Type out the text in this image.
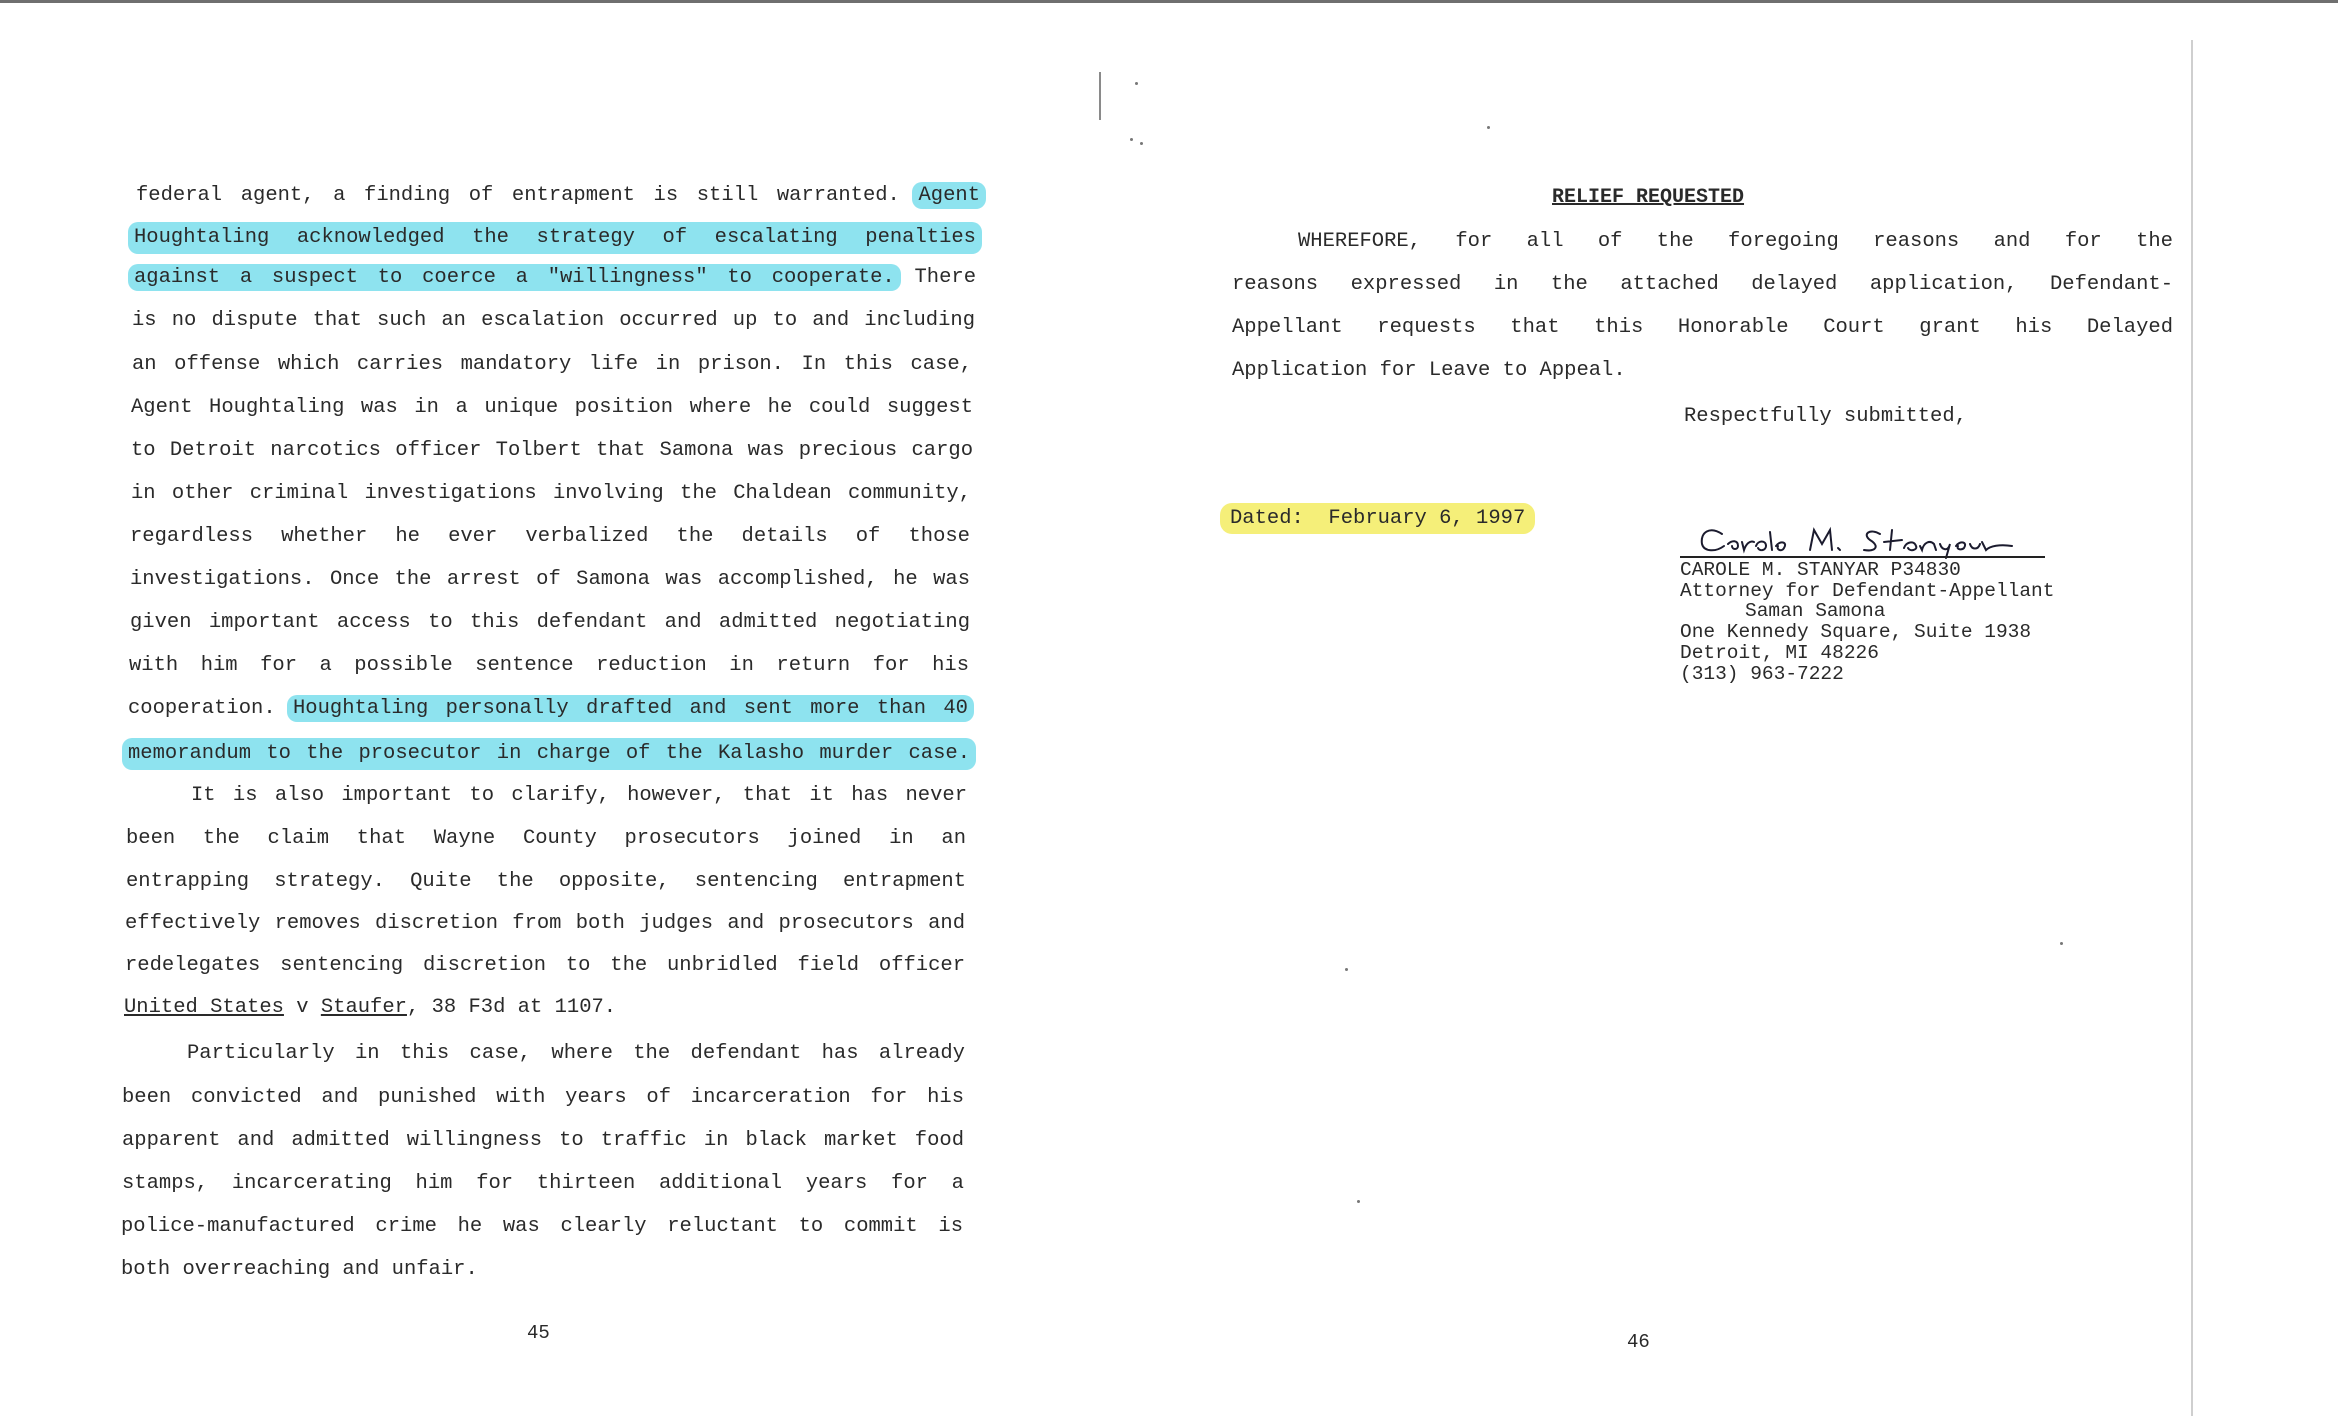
federal agent, a finding of entrapment is still warranted. Agent

Houghtaling acknowledged the strategy of escalating penalties

against a suspect to coerce a "willingness" to cooperate. There

is no dispute that such an escalation occurred up to and including

an offense which carries mandatory life in prison. In this case,

Agent Houghtaling was in a unique position where he could suggest

to Detroit narcotics officer Tolbert that Samona was precious cargo

in other criminal investigations involving the Chaldean community,

regardless whether he ever verbalized the details of those

investigations. Once the arrest of Samona was accomplished, he was

given important access to this defendant and admitted negotiating

with him for a possible sentence reduction in return for his

cooperation. Houghtaling personally drafted and sent more than 40

memorandum to the prosecutor in charge of the Kalasho murder case.

It is also important to clarify, however, that it has never

been the claim that Wayne County prosecutors joined in an

entrapping strategy. Quite the opposite, sentencing entrapment

effectively removes discretion from both judges and prosecutors and

redelegates sentencing discretion to the unbridled field officer

United States v Staufer, 38 F3d at 1107.

Particularly in this case, where the defendant has already

been convicted and punished with years of incarceration for his

apparent and admitted willingness to traffic in black market food

stamps, incarcerating him for thirteen additional years for a

police-manufactured crime he was clearly reluctant to commit is

both overreaching and unfair.

45
RELIEF REQUESTED

WHEREFORE, for all of the foregoing reasons and for the

reasons expressed in the attached delayed application, Defendant-

Appellant requests that this Honorable Court grant his Delayed

Application for Leave to Appeal.

Respectfully submitted,

Dated:  February 6, 1997

46
CAROLE M. STANYAR P34830
Attorney for Defendant-Appellant
Saman Samona
One Kennedy Square, Suite 1938
Detroit, MI 48226
(313) 963-7222
